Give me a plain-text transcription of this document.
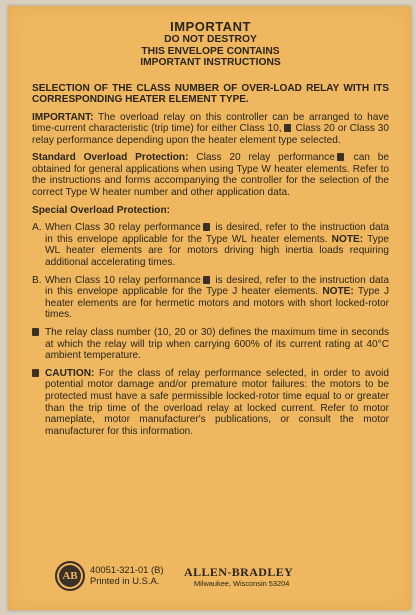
IMPORTANT
DO NOT DESTROY
THIS ENVELOPE CONTAINS
IMPORTANT INSTRUCTIONS
SELECTION OF THE CLASS NUMBER OF OVER-LOAD RELAY WITH ITS CORRESPONDING HEATER ELEMENT TYPE.

IMPORTANT: The overload relay on this controller can be arranged to have time-current characteristic (trip time) for either Class 10, Class 20 or Class 30 relay performance depending upon the heater element type selected.

Standard Overload Protection: Class 20 relay performance can be obtained for general applications when using Type W heater elements. Refer to the instructions and forms accompanying the controller for the selection of the correct Type W heater number and other application data.

Special Overload Protection:
A. When Class 30 relay performance is desired, refer to the instruction data in this envelope applicable for the Type WL heater elements. NOTE: Type WL heater elements are for motors driving high inertia loads requiring additional accelerating times.
B. When Class 10 relay performance is desired, refer to the instruction data in this envelope applicable for the Type J heater elements. NOTE: Type J heater elements are for hermetic motors and motors with short locked-rotor times.
The relay class number (10, 20 or 30) defines the maximum time in seconds at which the relay will trip when carrying 600% of its current rating at 40°C ambient temperature.
CAUTION: For the class of relay performance selected, in order to avoid potential motor damage and/or premature motor failures: the motors to be protected must have a safe permissible locked-rotor time equal to or greater than the trip time of the overload relay at locked current. Refer to motor nameplate, motor manufacturer's publications, or consult the motor manufacturer for this information.
AB
40051-321-01 (B)
Printed in U.S.A.
ALLEN-BRADLEY
Milwaukee, Wisconsin 53204
